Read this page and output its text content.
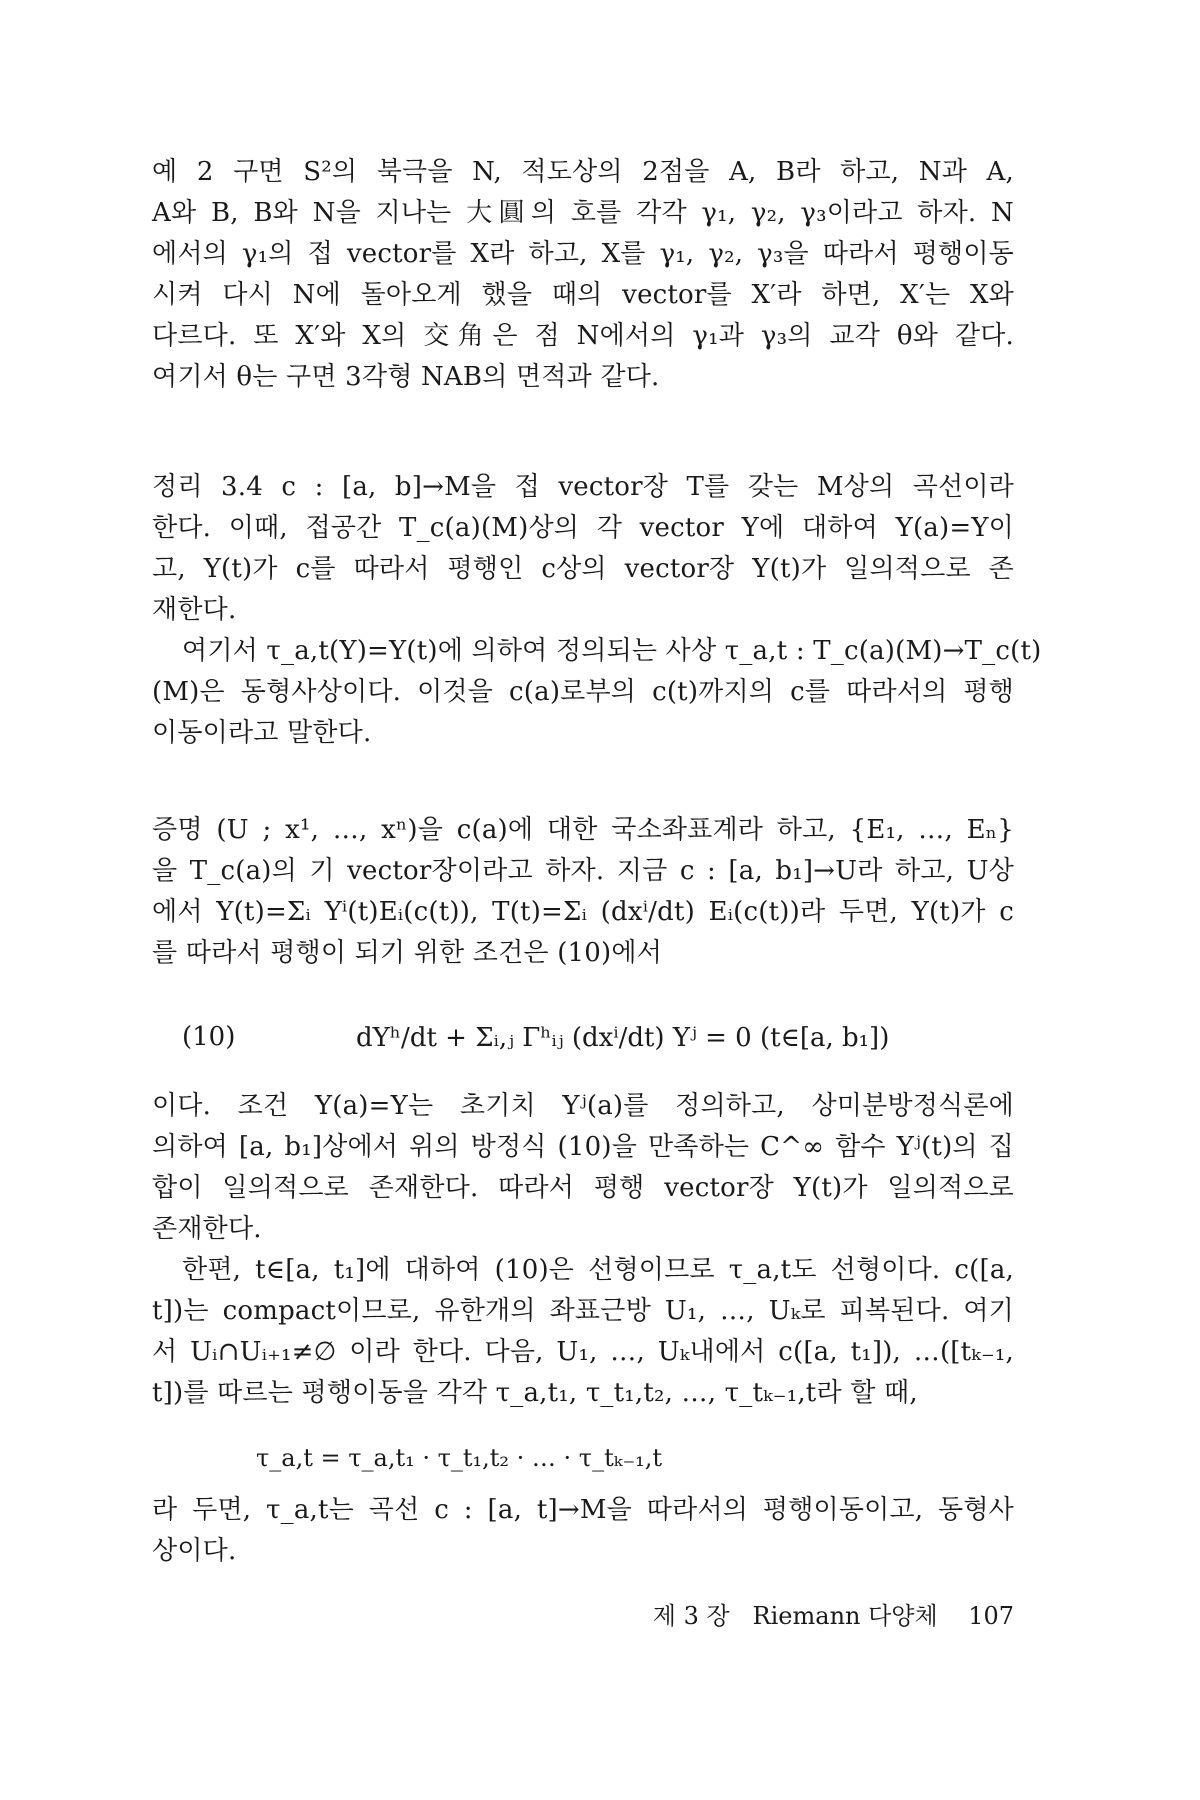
예 2 구면 S²의 북극을 N, 적도상의 2점을 A, B라 하고, N과 A,
A와 B, B와 N을 지나는 大圓의 호를 각각 γ₁, γ₂, γ₃이라고 하자. N
에서의 γ₁의 접 vector를 X라 하고, X를 γ₁, γ₂, γ₃을 따라서 평행이동
시켜 다시 N에 돌아오게 했을 때의 vector를 X′라 하면, X′는 X와
다르다. 또 X′와 X의 交角은 점 N에서의 γ₁과 γ₃의 교각 θ와 같다.
여기서 θ는 구면 3각형 NAB의 면적과 같다.
정리 3.4 c : [a, b]→M을 접 vector장 T를 갖는 M상의 곡선이라
한다. 이때, 접공간 T_c(a)(M)상의 각 vector Y에 대하여 Y(a)=Y이
고, Y(t)가 c를 따라서 평행인 c상의 vector장 Y(t)가 일의적으로 존
재한다.
여기서 τ_a,t(Y)=Y(t)에 의하여 정의되는 사상 τ_a,t : T_c(a)(M)→T_c(t)
(M)은 동형사상이다. 이것을 c(a)로부의 c(t)까지의 c를 따라서의 평행
이동이라고 말한다.
증명 (U ; x¹, …, xⁿ)을 c(a)에 대한 국소좌표계라 하고, {E₁, …, Eₙ}
을 T_c(a)의 기 vector장이라고 하자. 지금 c : [a, b₁]→U라 하고, U상
에서 Y(t)=Σᵢ Yⁱ(t)Eᵢ(c(t)), T(t)=Σᵢ (dxⁱ/dt) Eᵢ(c(t))라 두면, Y(t)가 c
를 따라서 평행이 되기 위한 조건은 (10)에서
(10)	dYʰ/dt + Σᵢ,ⱼ Γʰᵢⱼ (dxⁱ/dt) Yʲ = 0 (t∈[a, b₁])
이다. 조건 Y(a)=Y는 초기치 Yʲ(a)를 정의하고, 상미분방정식론에
의하여 [a, b₁]상에서 위의 방정식 (10)을 만족하는 C^∞ 함수 Yʲ(t)의 집
합이 일의적으로 존재한다. 따라서 평행 vector장 Y(t)가 일의적으로
존재한다.
한편, t∈[a, t₁]에 대하여 (10)은 선형이므로 τ_a,t도 선형이다. c([a,
t])는 compact이므로, 유한개의 좌표근방 U₁, …, Uₖ로 피복된다. 여기
서 Uᵢ∩Uᵢ₊₁≠∅ 이라 한다. 다음, U₁, …, Uₖ내에서 c([a, t₁]), …([tₖ₋₁,
t])를 따르는 평행이동을 각각 τ_a,t₁, τ_t₁,t₂, …, τ_tₖ₋₁,t라 할 때,
τ_a,t = τ_a,t₁ · τ_t₁,t₂ · … · τ_tₖ₋₁,t
라 두면, τ_a,t는 곡선 c : [a, t]→M을 따라서의 평행이동이고, 동형사
상이다.
제 3 장 Riemann 다양체 107
